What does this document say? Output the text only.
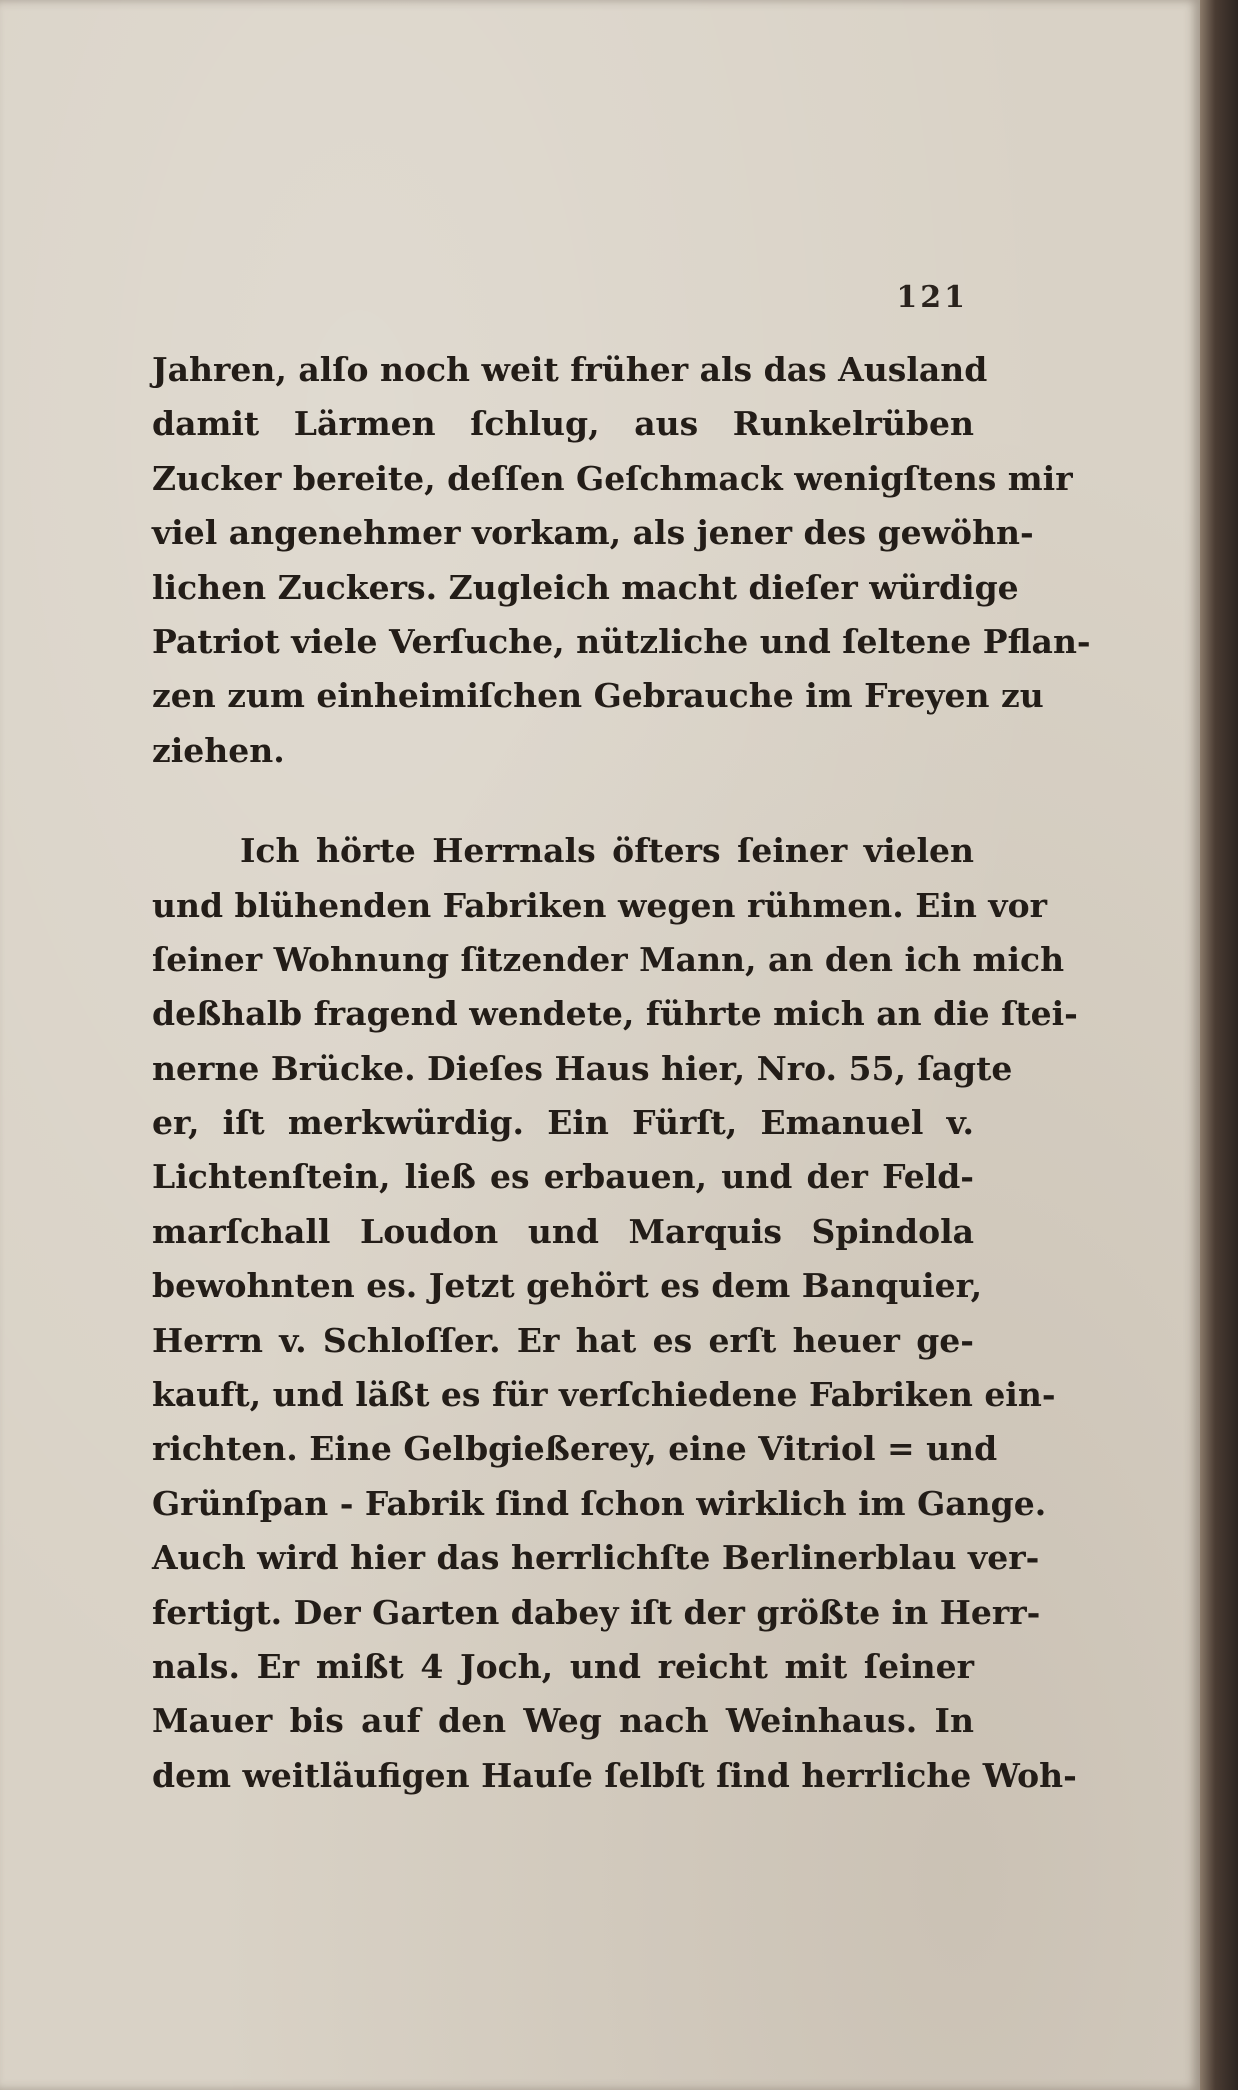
121
Jahren, alſo noch weit früher als das Ausland
damit Lärmen ſchlug, aus Runkelrüben
Zucker bereite, deſſen Geſchmack wenigſtens mir
viel angenehmer vorkam, als jener des gewöhn-
lichen Zuckers. Zugleich macht dieſer würdige
Patriot viele Verſuche, nützliche und ſeltene Pflan-
zen zum einheimiſchen Gebrauche im Freyen zu
ziehen.
Ich hörte Herrnals öfters ſeiner vielen
und blühenden Fabriken wegen rühmen. Ein vor
ſeiner Wohnung ſitzender Mann, an den ich mich
deßhalb fragend wendete, führte mich an die ſtei-
nerne Brücke. Dieſes Haus hier, Nro. 55, ſagte
er, iſt merkwürdig. Ein Fürſt, Emanuel v.
Lichtenſtein, ließ es erbauen, und der Feld-
marſchall Loudon und Marquis Spindola
bewohnten es. Jetzt gehört es dem Banquier,
Herrn v. Schloſſer. Er hat es erſt heuer ge-
kauft, und läßt es für verſchiedene Fabriken ein-
richten. Eine Gelbgießerey, eine Vitriol = und
Grünſpan - Fabrik ſind ſchon wirklich im Gange.
Auch wird hier das herrlichſte Berlinerblau ver-
fertigt. Der Garten dabey iſt der größte in Herr-
nals. Er mißt 4 Joch, und reicht mit ſeiner
Mauer bis auf den Weg nach Weinhaus. In
dem weitläufigen Hauſe ſelbſt ſind herrliche Woh-
